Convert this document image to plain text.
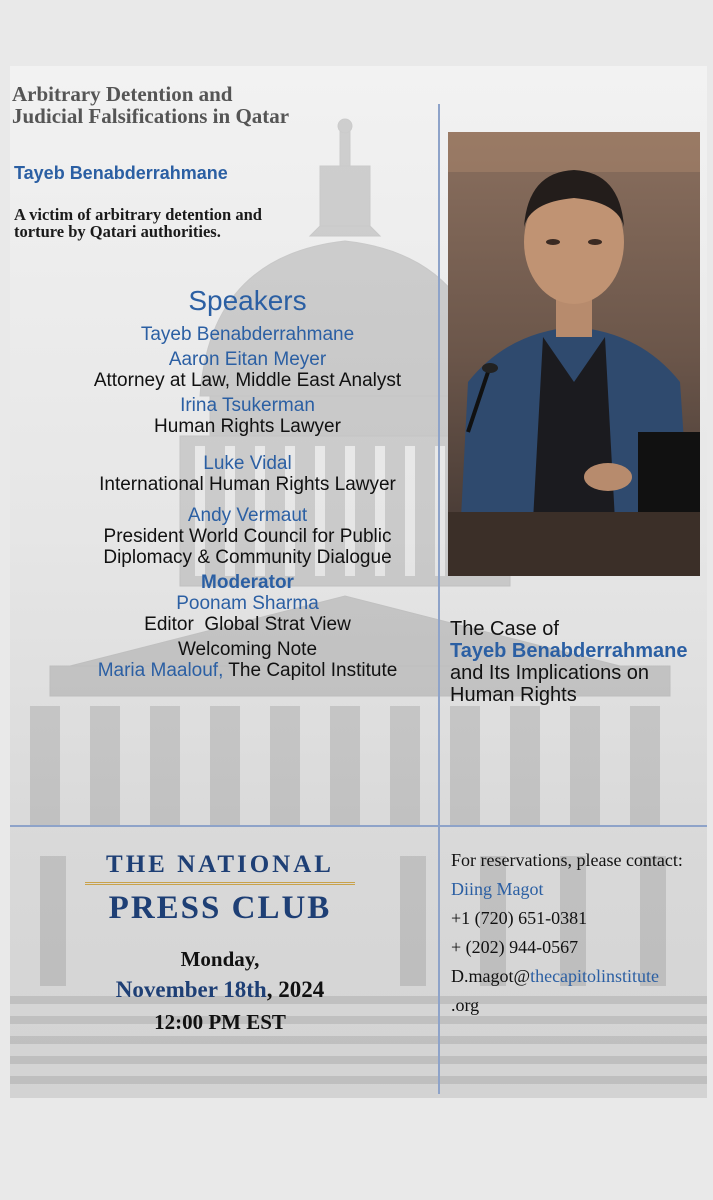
Arbitrary Detention and Judicial Falsifications in Qatar
Tayeb Benabderrahmane
A victim of arbitrary detention and torture by Qatari authorities.
Speakers
Tayeb Benabderrahmane
Aaron Eitan Meyer
Attorney at Law, Middle East Analyst
Irina Tsukerman
Human Rights Lawyer
Luke Vidal
International Human Rights Lawyer
Andy Vermaut
President World Council for Public Diplomacy & Community Dialogue
Moderator
Poonam Sharma
Editor  Global Strat View
Welcoming Note
Maria Maalouf, The Capitol Institute
The Case of
Tayeb Benabderrahmane
and Its Implications on Human Rights
THE NATIONAL
PRESS CLUB
Monday,
November 18th, 2024
12:00 PM EST
For reservations, please contact:
Diing Magot
+1 (720) 651-0381
+ (202) 944-0567
D.magot@thecapitolinstitute
.org
